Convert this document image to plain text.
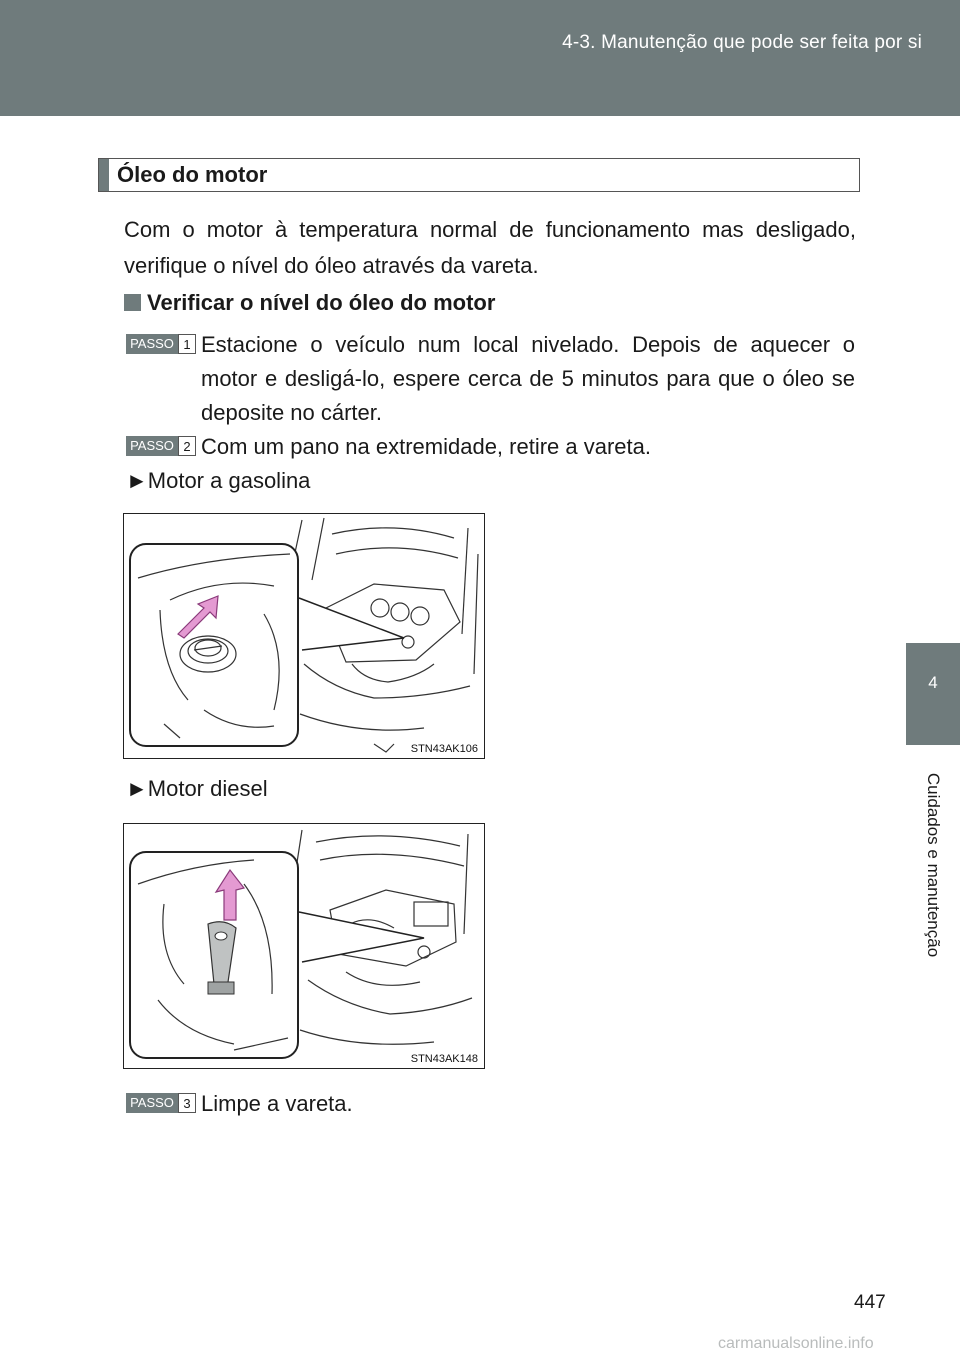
4-3. Manutenção que pode ser feita por si
4
Cuidados e manutenção
Óleo do motor
Com o motor à temperatura normal de funcionamento mas desligado, verifique o nível do óleo através da vareta.
Verificar o nível do óleo do motor
PASSO 1 Estacione o veículo num local nivelado. Depois de aquecer o motor e desligá-lo, espere cerca de 5 minutos para que o óleo se deposite no cárter.
PASSO 2 Com um pano na extremidade, retire a vareta.
►Motor a gasolina
STN43AK106
►Motor diesel
STN43AK148
PASSO 3 Limpe a vareta.
447
carmanualsonline.info
